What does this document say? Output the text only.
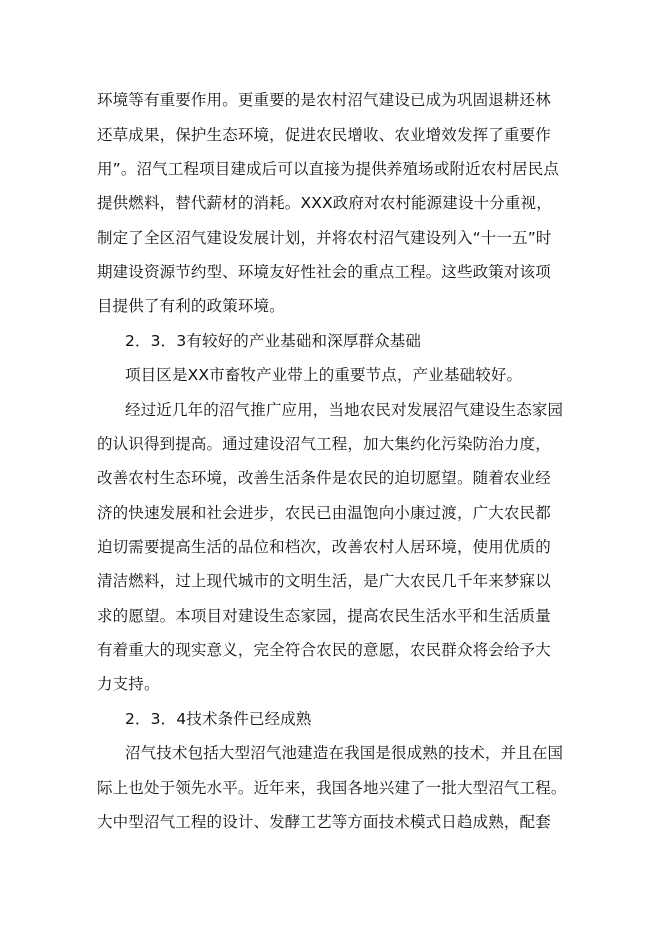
环境等有重要作用。更重要的是农村沼气建设已成为巩固退耕还林
还草成果，保护生态环境，促进农民增收、农业增效发挥了重要作
用”。沼气工程项目建成后可以直接为提供养殖场或附近农村居民点
提供燃料，替代薪材的消耗。XXX政府对农村能源建设十分重视，
制定了全区沼气建设发展计划，并将农村沼气建设列入“十一五”时
期建设资源节约型、环境友好性社会的重点工程。这些政策对该项
目提供了有利的政策环境。
2．3．3有较好的产业基础和深厚群众基础
项目区是XX市畜牧产业带上的重要节点，产业基础较好。
经过近几年的沼气推广应用，当地农民对发展沼气建设生态家园
的认识得到提高。通过建设沼气工程，加大集约化污染防治力度，
改善农村生态环境，改善生活条件是农民的迫切愿望。随着农业经
济的快速发展和社会进步，农民已由温饱向小康过渡，广大农民都
迫切需要提高生活的品位和档次，改善农村人居环境，使用优质的
清洁燃料，过上现代城市的文明生活，是广大农民几千年来梦寐以
求的愿望。本项目对建设生态家园，提高农民生活水平和生活质量
有着重大的现实意义，完全符合农民的意愿，农民群众将会给予大
力支持。
2．3．4技术条件已经成熟
沼气技术包括大型沼气池建造在我国是很成熟的技术，并且在国
际上也处于领先水平。近年来，我国各地兴建了一批大型沼气工程。
大中型沼气工程的设计、发酵工艺等方面技术模式日趋成熟，配套
